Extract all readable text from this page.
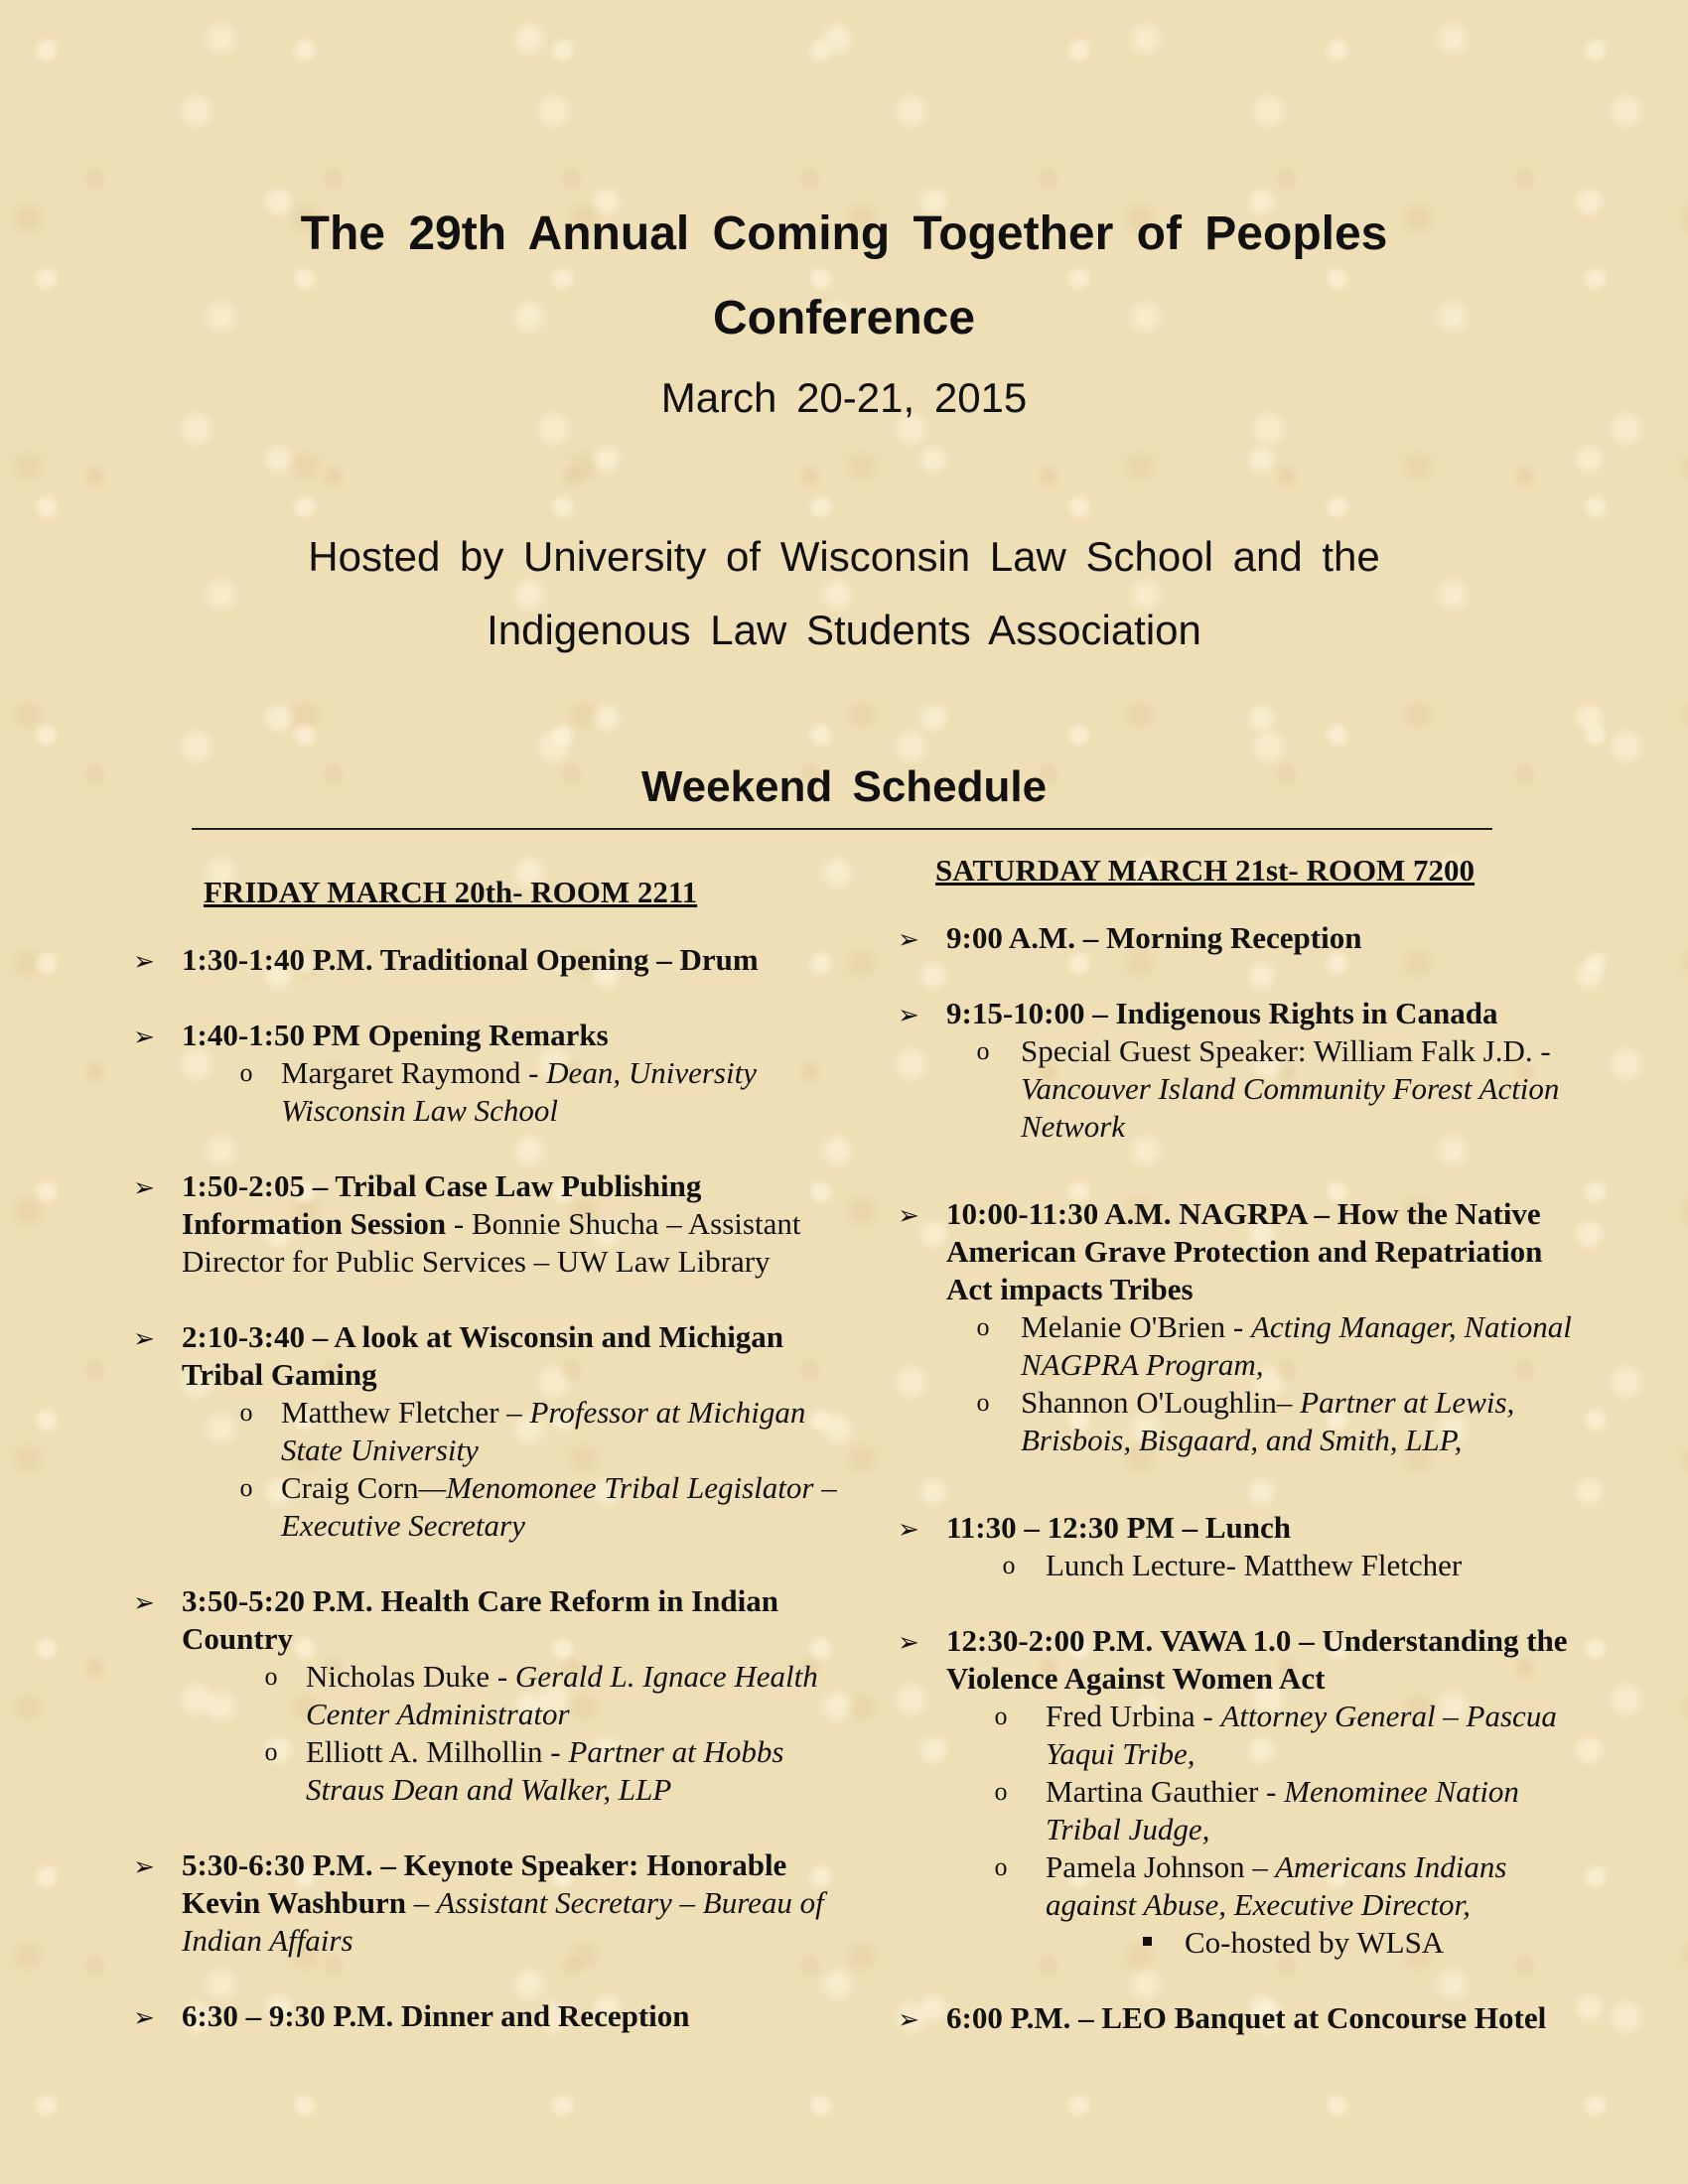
The 29th Annual Coming Together of Peoples
Conference
March 20-21, 2015
Hosted by University of Wisconsin Law School and the
Indigenous Law Students Association
Weekend Schedule
FRIDAY MARCH 20th- ROOM 2211
➢
1:30-1:40 P.M. Traditional Opening – Drum
➢
1:40-1:50 PM Opening Remarks
o Margaret Raymond - Dean, University Wisconsin Law School
➢
1:50-2:05 – Tribal Case Law Publishing Information Session - Bonnie Shucha – Assistant Director for Public Services – UW Law Library
➢
2:10-3:40 – A look at Wisconsin and Michigan Tribal Gaming
o Matthew Fletcher – Professor at Michigan State University
o Craig Corn—Menomonee Tribal Legislator – Executive Secretary
➢
3:50-5:20 P.M. Health Care Reform in Indian Country
o Nicholas Duke - Gerald L. Ignace Health Center Administrator
o Elliott A. Milhollin - Partner at Hobbs Straus Dean and Walker, LLP
➢
5:30-6:30 P.M. – Keynote Speaker: Honorable Kevin Washburn – Assistant Secretary – Bureau of Indian Affairs
➢
6:30 – 9:30 P.M. Dinner and Reception
SATURDAY MARCH 21st- ROOM 7200
➢
9:00 A.M. – Morning Reception
➢
9:15-10:00 – Indigenous Rights in Canada
o Special Guest Speaker: William Falk J.D. - Vancouver Island Community Forest Action Network
➢
10:00-11:30 A.M. NAGRPA – How the Native American Grave Protection and Repatriation Act impacts Tribes
o Melanie O'Brien - Acting Manager, National NAGPRA Program,
o Shannon O'Loughlin– Partner at Lewis, Brisbois, Bisgaard, and Smith, LLP,
➢
11:30 – 12:30 PM – Lunch
o Lunch Lecture- Matthew Fletcher
➢
12:30-2:00 P.M. VAWA 1.0 – Understanding the Violence Against Women Act
o Fred Urbina - Attorney General – Pascua Yaqui Tribe,
o Martina Gauthier - Menominee Nation Tribal Judge,
o Pamela Johnson – Americans Indians against Abuse, Executive Director,
Co-hosted by WLSA
➢
6:00 P.M. – LEO Banquet at Concourse Hotel
